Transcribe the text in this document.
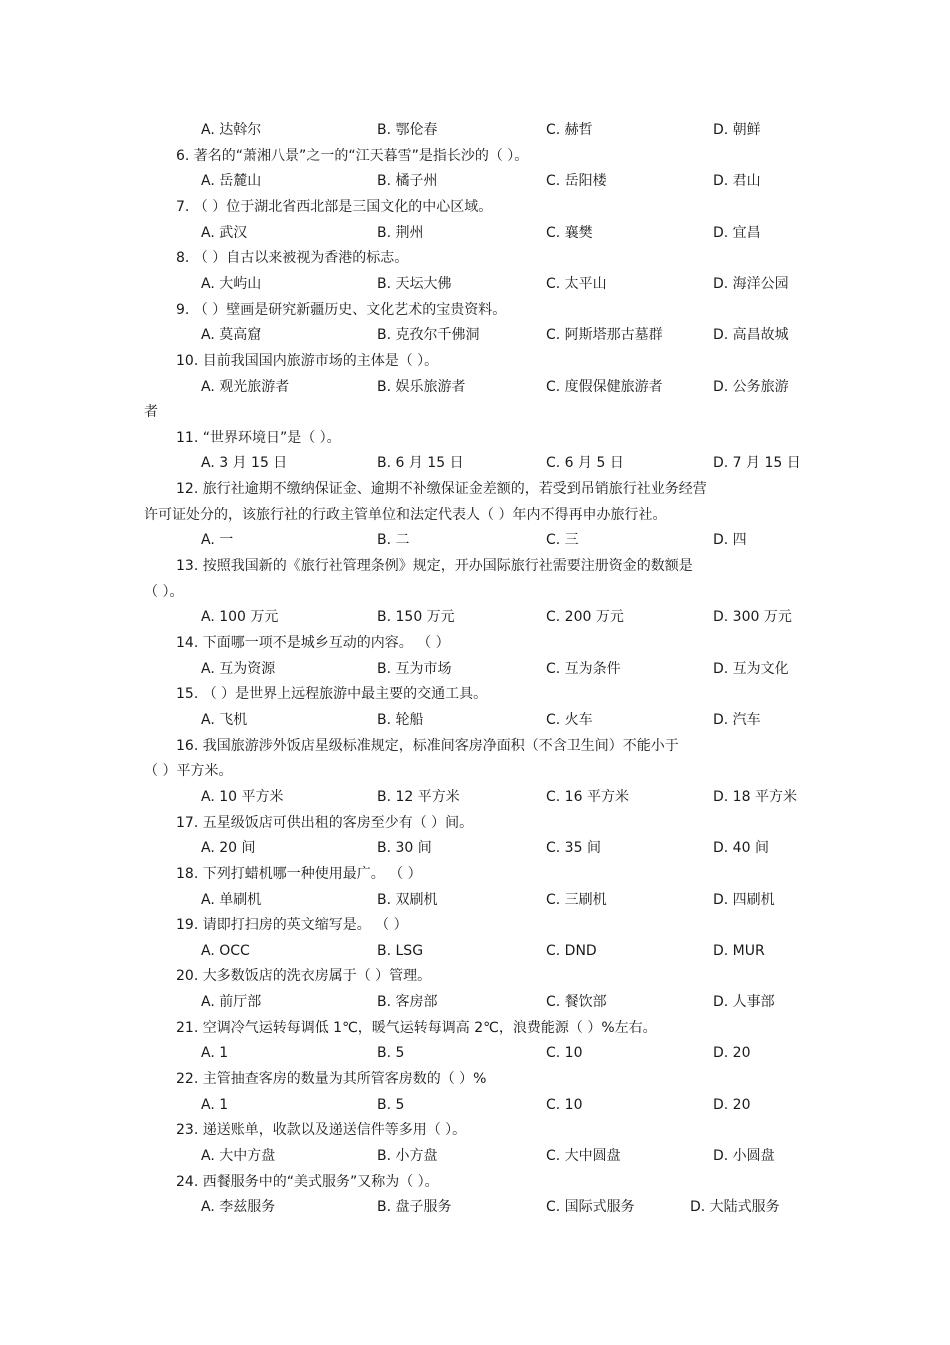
A. 达斡尔	B. 鄂伦春	C. 赫哲	D. 朝鲜
6. 著名的“萧湘八景”之一的“江天暮雪”是指长沙的（ ）。
A. 岳麓山	B. 橘子州	C. 岳阳楼	D. 君山
7. （ ）位于湖北省西北部是三国文化的中心区域。
A. 武汉	B. 荆州	C. 襄樊	D. 宜昌
8. （ ）自古以来被视为香港的标志。
A. 大屿山	B. 天坛大佛	C. 太平山	D. 海洋公园
9. （ ）壁画是研究新疆历史、文化艺术的宝贵资料。
A. 莫高窟	B. 克孜尔千佛洞	C. 阿斯塔那古墓群	D. 高昌故城
10. 目前我国国内旅游市场的主体是（ ）。
A. 观光旅游者	B. 娱乐旅游者	C. 度假保健旅游者	D. 公务旅游
者
11. “世界环境日”是（ ）。
A. 3 月 15 日	B. 6 月 15 日	C. 6 月 5 日	D. 7 月 15 日
12. 旅行社逾期不缴纳保证金、逾期不补缴保证金差额的，若受到吊销旅行社业务经营
许可证处分的，该旅行社的行政主管单位和法定代表人（ ）年内不得再申办旅行社。
A. 一	B. 二	C. 三	D. 四
13. 按照我国新的《旅行社管理条例》规定，开办国际旅行社需要注册资金的数额是
（ ）。
A. 100 万元	B. 150 万元	C. 200 万元	D. 300 万元
14. 下面哪一项不是城乡互动的内容。 （ ）
A. 互为资源	B. 互为市场	C. 互为条件	D. 互为文化
15. （ ）是世界上远程旅游中最主要的交通工具。
A. 飞机	B. 轮船	C. 火车	D. 汽车
16. 我国旅游涉外饭店星级标准规定，标准间客房净面积（不含卫生间）不能小于
（ ）平方米。
A. 10 平方米	B. 12 平方米	C. 16 平方米	D. 18 平方米
17. 五星级饭店可供出租的客房至少有（ ）间。
A. 20 间	B. 30 间	C. 35 间	D. 40 间
18. 下列打蜡机哪一种使用最广。 （ ）
A. 单刷机	B. 双刷机	C. 三刷机	D. 四刷机
19. 请即打扫房的英文缩写是。 （ ）
A. OCC	B. LSG	C. DND	D. MUR
20. 大多数饭店的洗衣房属于（ ）管理。
A. 前厅部	B. 客房部	C. 餐饮部	D. 人事部
21. 空调冷气运转每调低 1℃，暖气运转每调高 2℃，浪费能源（ ）%左右。
A. 1	B. 5	C. 10	D. 20
22. 主管抽查客房的数量为其所管客房数的（ ）%
A. 1	B. 5	C. 10	D. 20
23. 递送账单，收款以及递送信件等多用（ ）。
A. 大中方盘	B. 小方盘	C. 大中圆盘	D. 小圆盘
24. 西餐服务中的“美式服务”又称为（ ）。
A. 李兹服务	B. 盘子服务	C. 国际式服务	D. 大陆式服务
